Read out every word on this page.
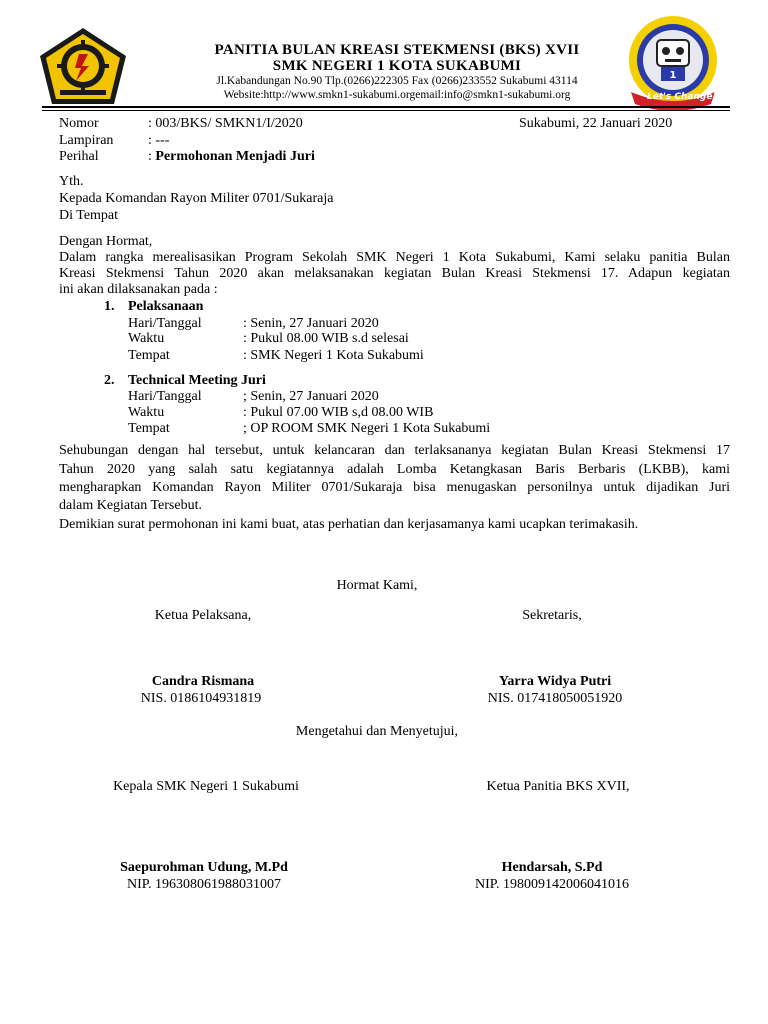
PANITIA BULAN KREASI STEKMENSI (BKS) XVII
SMK NEGERI 1 KOTA SUKABUMI
Jl.Kabandungan No.90 Tlp.(0266)222305 Fax (0266)233552 Sukabumi 43114
Website:http://www.smkn1-sukabumi.orgemail:info@smkn1-sukabumi.org
1
Let's Change!
Nomor	: 003/BKS/ SMKN1/I/2020	Sukabumi, 22 Januari 2020
Lampiran : ---
Perihal	: Permohonan Menjadi Juri
Yth.
Kepada Komandan Rayon Militer 0701/Sukaraja
Di Tempat
Dengan Hormat,
Dalam rangka merealisasikan Program Sekolah SMK Negeri 1 Kota Sukabumi, Kami selaku panitia Bulan
Kreasi Stekmensi Tahun 2020 akan melaksanakan kegiatan Bulan Kreasi Stekmensi 17. Adapun kegiatan
ini akan dilaksanakan pada :
1. Pelaksanaan
Hari/Tanggal	: Senin, 27 Januari 2020
Waktu	: Pukul 08.00 WIB s.d selesai
Tempat	: SMK Negeri 1 Kota Sukabumi
2. Technical Meeting Juri
Hari/Tanggal	; Senin, 27 Januari 2020
Waktu	: Pukul 07.00 WIB s,d 08.00 WIB
Tempat	; OP ROOM SMK Negeri 1 Kota Sukabumi
Sehubungan dengan hal tersebut, untuk kelancaran dan terlaksananya kegiatan Bulan Kreasi Stekmensi 17
Tahun 2020 yang salah satu kegiatannya adalah Lomba Ketangkasan Baris Berbaris (LKBB), kami
mengharapkan Komandan Rayon Militer 0701/Sukaraja bisa menugaskan personilnya untuk dijadikan Juri
dalam Kegiatan Tersebut.
Demikian surat permohonan ini kami buat, atas perhatian dan kerjasamanya kami ucapkan terimakasih.
Hormat Kami,
Ketua Pelaksana,	Sekretaris,
Candra Rismana
NIS. 0186104931819
Yarra Widya Putri
NIS. 017418050051920
Mengetahui dan Menyetujui,
Kepala SMK Negeri 1 Sukabumi	Ketua Panitia BKS XVII,
Saepurohman Udung, M.Pd
NIP. 196308061988031007
Hendarsah, S.Pd
NIP. 198009142006041016
